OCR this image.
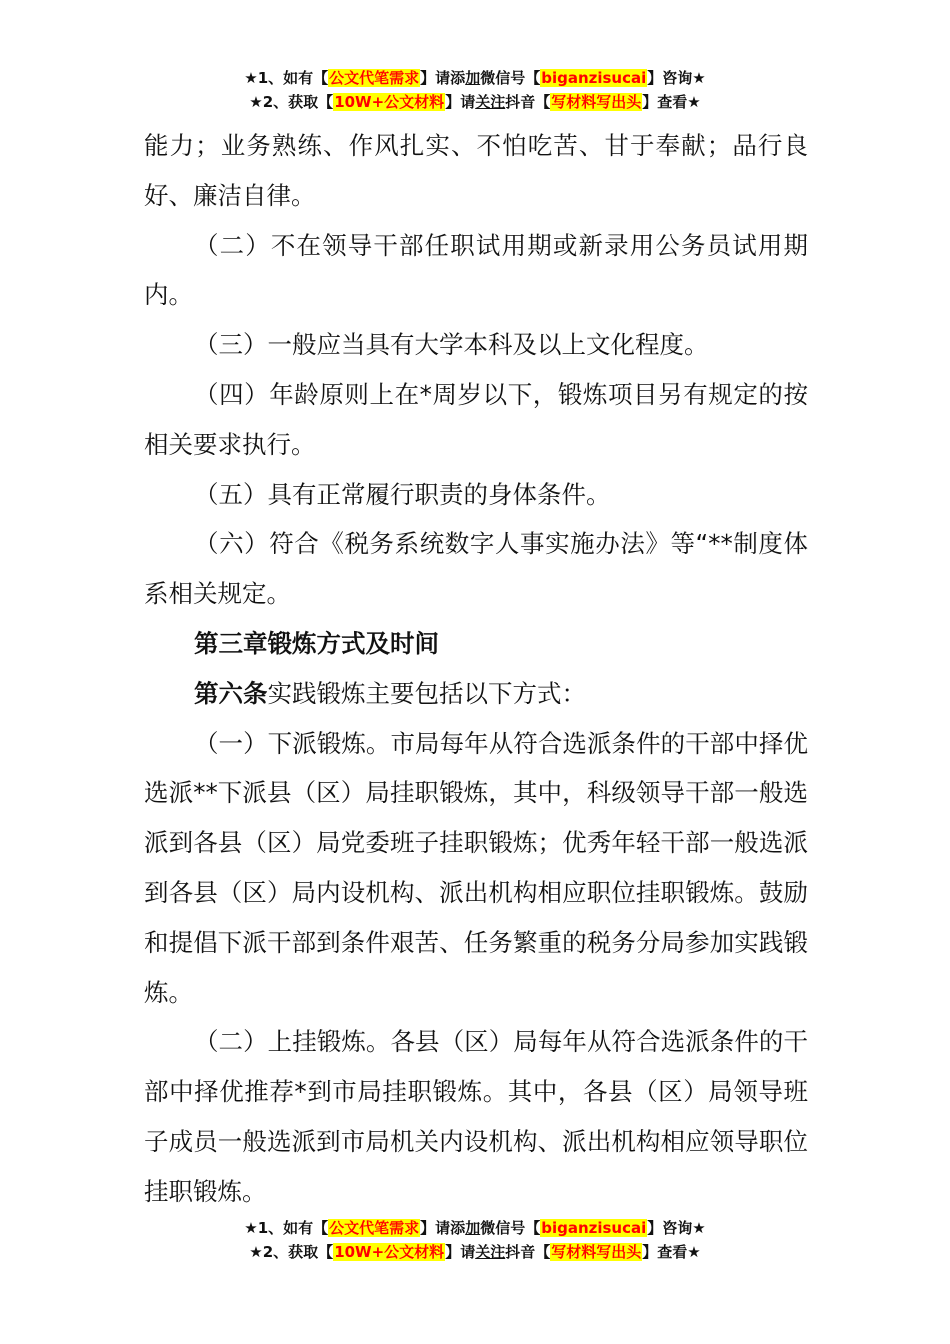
★1、如有【公文代笔需求】请添加微信号【biganzisucai】咨询★
★2、获取【10W+公文材料】请关注抖音【写材料写出头】查看★

能力；业务熟练、作风扎实、不怕吃苦、甘于奉献；品行良好、廉洁自律。

（二）不在领导干部任职试用期或新录用公务员试用期内。

（三）一般应当具有大学本科及以上文化程度。

（四）年龄原则上在*周岁以下，锻炼项目另有规定的按相关要求执行。

（五）具有正常履行职责的身体条件。

（六）符合《税务系统数字人事实施办法》等“**制度体系相关规定。

第三章锻炼方式及时间

第六条实践锻炼主要包括以下方式：

（一）下派锻炼。市局每年从符合选派条件的干部中择优选派**下派县（区）局挂职锻炼，其中，科级领导干部一般选派到各县（区）局党委班子挂职锻炼；优秀年轻干部一般选派到各县（区）局内设机构、派出机构相应职位挂职锻炼。鼓励和提倡下派干部到条件艰苦、任务繁重的税务分局参加实践锻炼。

（二）上挂锻炼。各县（区）局每年从符合选派条件的干部中择优推荐*到市局挂职锻炼。其中，各县（区）局领导班子成员一般选派到市局机关内设机构、派出机构相应领导职位挂职锻炼。

★1、如有【公文代笔需求】请添加微信号【biganzisucai】咨询★
★2、获取【10W+公文材料】请关注抖音【写材料写出头】查看★
